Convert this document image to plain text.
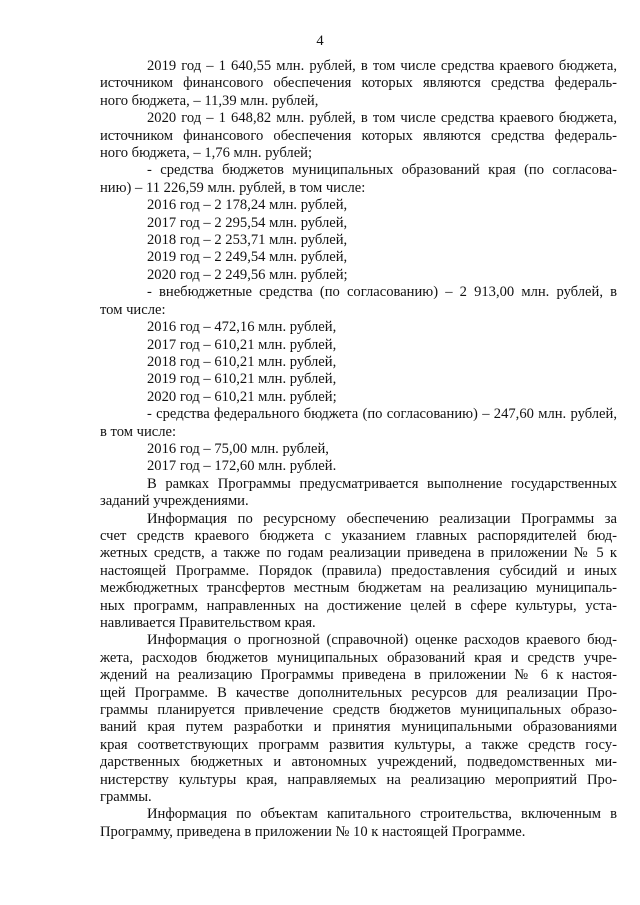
4
2019 год – 1 640,55 млн. рублей, в том числе средства краевого бюджета,
источником финансового обеспечения которых являются средства федераль-
ного бюджета, – 11,39 млн. рублей,
2020 год – 1 648,82 млн. рублей, в том числе средства краевого бюджета,
источником финансового обеспечения которых являются средства федераль-
ного бюджета, – 1,76 млн. рублей;
- средства бюджетов муниципальных образований края (по согласова-
нию) – 11 226,59 млн. рублей, в том числе:
2016 год – 2 178,24 млн. рублей,
2017 год – 2 295,54 млн. рублей,
2018 год – 2 253,71 млн. рублей,
2019 год – 2 249,54 млн. рублей,
2020 год – 2 249,56 млн. рублей;
- внебюджетные средства (по согласованию) – 2 913,00 млн. рублей, в
том числе:
2016 год – 472,16 млн. рублей,
2017 год – 610,21 млн. рублей,
2018 год – 610,21 млн. рублей,
2019 год – 610,21 млн. рублей,
2020 год – 610,21 млн. рублей;
- средства федерального бюджета (по согласованию) – 247,60 млн. рублей,
в том числе:
2016 год – 75,00 млн. рублей,
2017 год – 172,60 млн. рублей.
В рамках Программы предусматривается выполнение государственных
заданий учреждениями.
Информация по ресурсному обеспечению реализации Программы за
счет средств краевого бюджета с указанием главных распорядителей бюд-
жетных средств, а также по годам реализации приведена в приложении № 5 к
настоящей Программе. Порядок (правила) предоставления субсидий и иных
межбюджетных трансфертов местным бюджетам на реализацию муниципаль-
ных программ, направленных на достижение целей в сфере культуры, уста-
навливается Правительством края.
Информация о прогнозной (справочной) оценке расходов краевого бюд-
жета, расходов бюджетов муниципальных образований края и средств учре-
ждений на реализацию Программы приведена в приложении № 6 к настоя-
щей Программе. В качестве дополнительных ресурсов для реализации Про-
граммы планируется привлечение средств бюджетов муниципальных образо-
ваний края путем разработки и принятия муниципальными образованиями
края соответствующих программ развития культуры, а также средств госу-
дарственных бюджетных и автономных учреждений, подведомственных ми-
нистерству культуры края, направляемых на реализацию мероприятий Про-
граммы.
Информация по объектам капитального строительства, включенным в
Программу, приведена в приложении № 10 к настоящей Программе.
